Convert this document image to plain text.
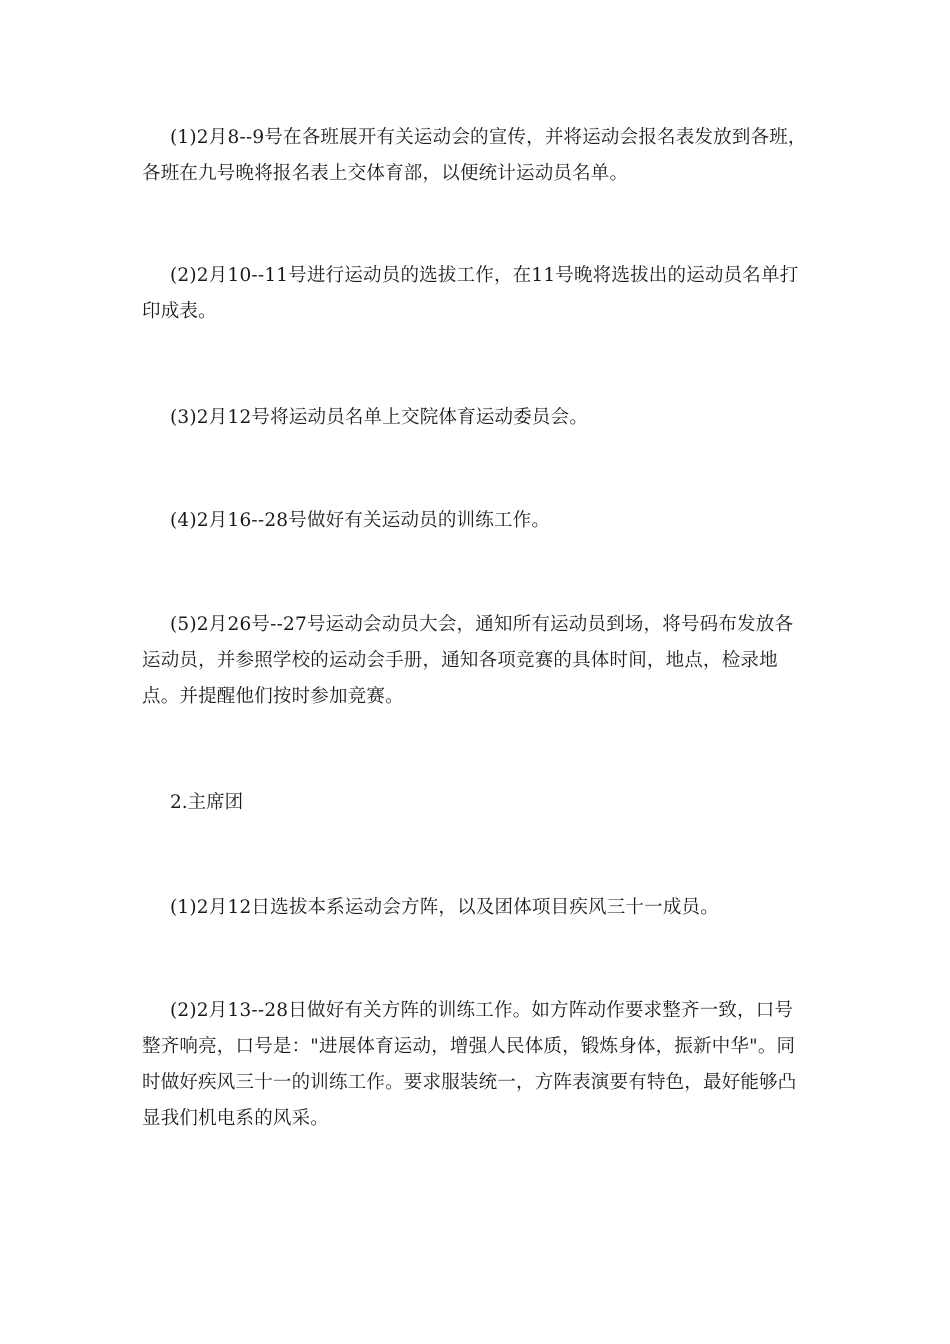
(1)2月8--9号在各班展开有关运动会的宣传，并将运动会报名表发放到各班，各班在九号晚将报名表上交体育部，以便统计运动员名单。

(2)2月10--11号进行运动员的选拔工作，在11号晚将选拔出的运动员名单打印成表。

(3)2月12号将运动员名单上交院体育运动委员会。

(4)2月16--28号做好有关运动员的训练工作。

(5)2月26号--27号运动会动员大会，通知所有运动员到场，将号码布发放各运动员，并参照学校的运动会手册，通知各项竞赛的具体时间，地点，检录地点。并提醒他们按时参加竞赛。

2.主席团

(1)2月12日选拔本系运动会方阵，以及团体项目疾风三十一成员。

(2)2月13--28日做好有关方阵的训练工作。如方阵动作要求整齐一致，口号整齐响亮，口号是："进展体育运动，增强人民体质，锻炼身体，振新中华"。同时做好疾风三十一的训练工作。要求服装统一，方阵表演要有特色，最好能够凸显我们机电系的风采。
